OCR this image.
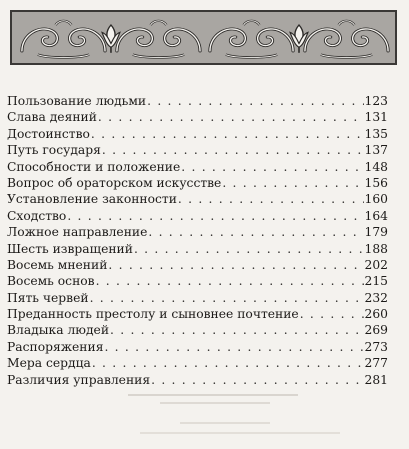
Пользование людьми . . .	123
Слава деяний . . .	131
Достоинство . . .	135
Путь государя . . .	137
Способности и положение . . .	148
Вопрос об ораторском искусстве . . .	156
Установление законности . . .	160
Сходство . . .	164
Ложное направление . . .	179
Шесть извращений . . .	188
Восемь мнений . . .	202
Восемь основ . . .	215
Пять червей . . .	232
Преданность престолу и сыновнее почтение . . .	260
Владыка людей . . .	269
Распоряжения . . .	273
Мера сердца . . .	277
Различия управления . . .	281
